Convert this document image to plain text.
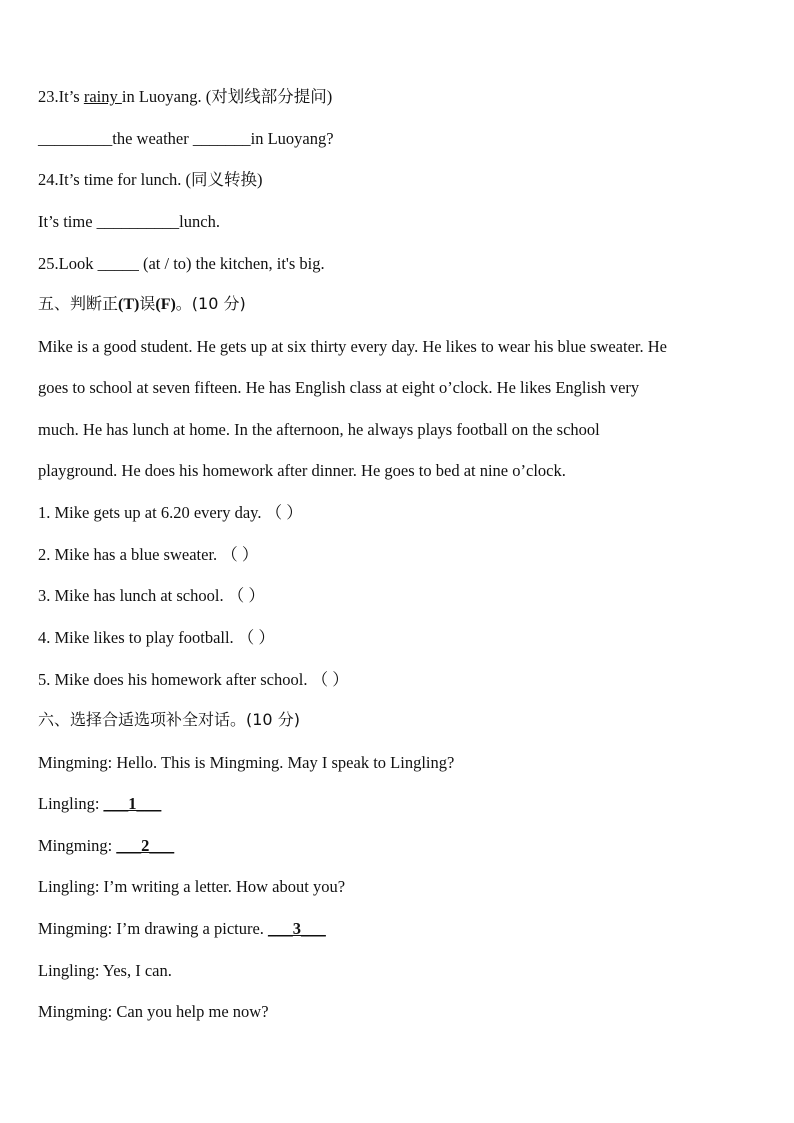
23.It’s rainy in Luoyang. (对划线部分提问)
_________the weather _______in Luoyang?
24.It’s time for lunch. (同义转换)
It’s time __________lunch.
25.Look _____ (at / to) the kitchen, it's big.
五、判断正(T)误(F)。(10 分)
Mike is a good student. He gets up at six thirty every day. He likes to wear his blue sweater. He
goes to school at seven fifteen. He has English class at eight o’clock. He likes English very
much. He has lunch at home. In the afternoon, he always plays football on the school
playground. He does his homework after dinner. He goes to bed at nine o’clock.
1. Mike gets up at 6.20 every day. （ ）
2. Mike has a blue sweater. （ ）
3. Mike has lunch at school. （ ）
4. Mike likes to play football. （ ）
5. Mike does his homework after school. （ ）
六、选择合适选项补全对话。(10 分)
Mingming: Hello. This is Mingming. May I speak to Lingling?
Lingling: ___1___
Mingming: ___2___
Lingling: I’m writing a letter. How about you?
Mingming: I’m drawing a picture. ___3___
Lingling: Yes, I can.
Mingming: Can you help me now?
